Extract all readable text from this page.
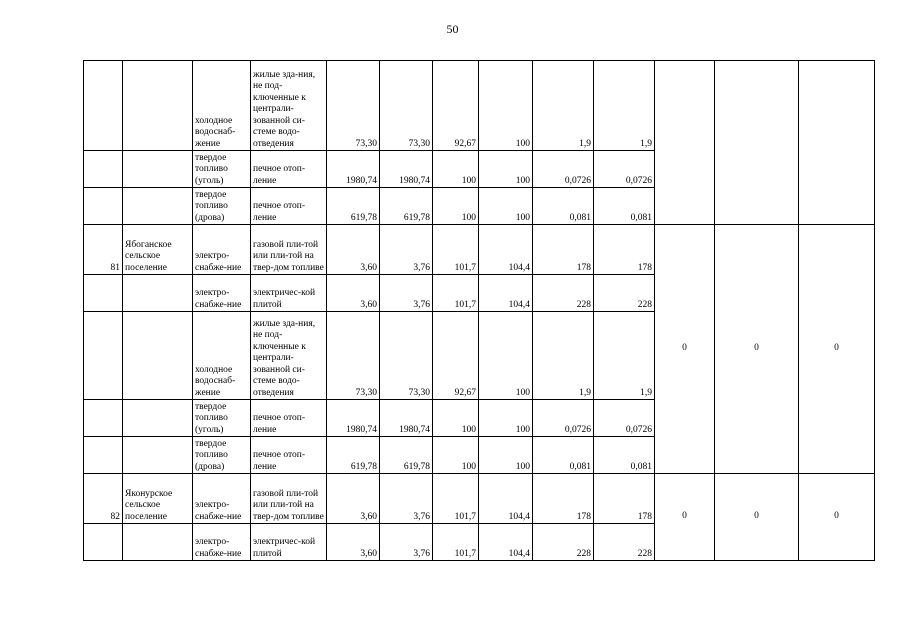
50
		холодное водоснаб-жение	жилые зда-ния, не под-ключенные к централи-зованной си-стеме водо-отведения	73,30	73,30	92,67	100	1,9	1,9			
		твердое топливо (уголь)	печное отоп-ление	1980,74	1980,74	100	100	0,0726	0,0726			
		твердое топливо (дрова)	печное отоп-ление	619,78	619,78	100	100	0,081	0,081			
81	Ябоганское сельское поселение	электро-снабже-ние	газовой пли-той или пли-той на твер-дом топливе	3,60	3,76	101,7	104,4	178	178	0	0	0
		электро-снабже-ние	электричес-кой плитой	3,60	3,76	101,7	104,4	228	228			
		холодное водоснаб-жение	жилые зда-ния, не под-ключенные к централи-зованной си-стеме водо-отведения	73,30	73,30	92,67	100	1,9	1,9			
		твердое топливо (уголь)	печное отоп-ление	1980,74	1980,74	100	100	0,0726	0,0726			
		твердое топливо (дрова)	печное отоп-ление	619,78	619,78	100	100	0,081	0,081			
82	Яконурское сельское поселение	электро-снабже-ние	газовой пли-той или пли-той на твер-дом топливе	3,60	3,76	101,7	104,4	178	178	0	0	0
		электро-снабже-ние	электричес-кой плитой	3,60	3,76	101,7	104,4	228	228			
